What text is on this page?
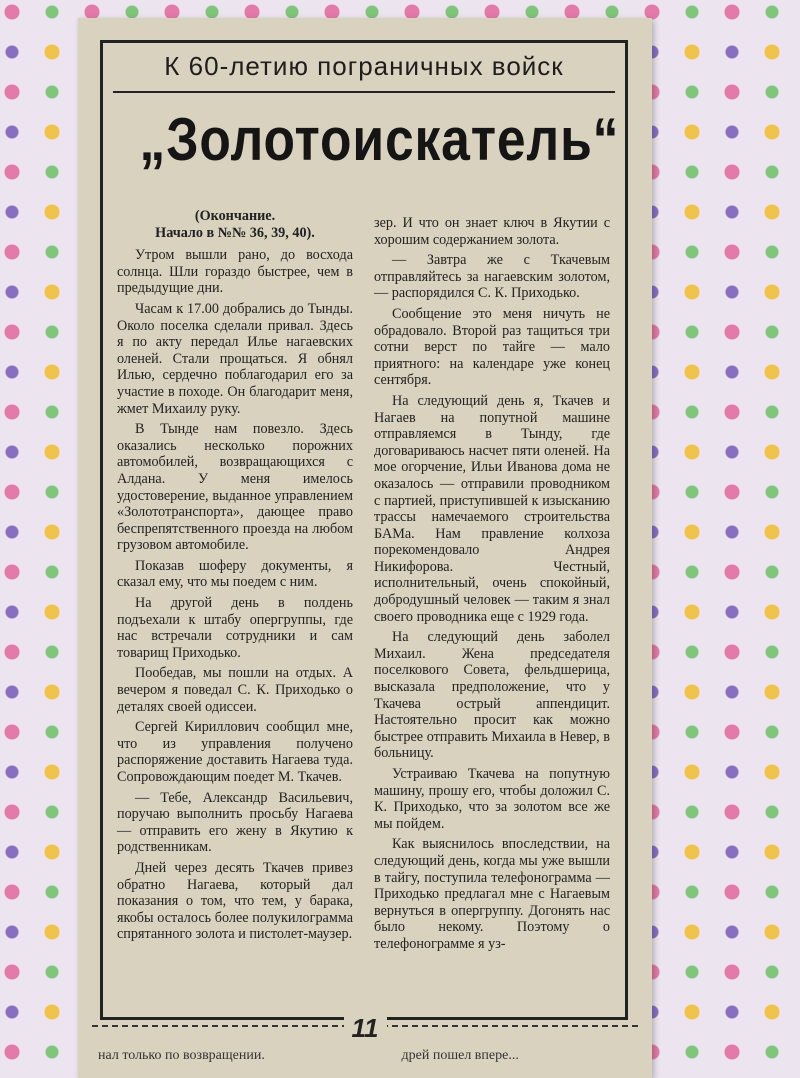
К 60-летию пограничных войск
„Золотоискатель“

(Окончание.
Начало в №№ 36, 39, 40).

Утром вышли рано, до восхода солнца. Шли гораздо быстрее, чем в предыдущие дни.

Часам к 17.00 добрались до Тынды. Около поселка сделали привал. Здесь я по акту передал Илье нагаевских оленей. Стали прощаться. Я обнял Илью, сердечно поблагодарил его за участие в походе. Он благодарит меня, жмет Михаилу руку.

В Тынде нам повезло. Здесь оказались несколько порожних автомобилей, возвращающихся с Алдана. У меня имелось удостоверение, выданное управлением «Золототранспорта», дающее право беспрепятственного проезда на любом грузовом автомобиле.

Показав шоферу документы, я сказал ему, что мы поедем с ним.

На другой день в полдень подъехали к штабу опергруппы, где нас встречали сотрудники и сам товарищ Приходько.

Пообедав, мы пошли на отдых. А вечером я поведал С. К. Приходько о деталях своей одиссеи.

Сергей Кириллович сообщил мне, что из управления получено распоряжение доставить Нагаева туда. Сопровождающим поедет М. Ткачев.

— Тебе, Александр Васильевич, поручаю выполнить просьбу Нагаева — отправить его жену в Якутию к родственникам.

Дней через десять Ткачев привез обратно Нагаева, который дал показания о том, что тем, у барака, якобы осталось более полукилограмма спрятанного золота и пистолет-маузер.

зер. И что он знает ключ в Якутии с хорошим содержанием золота.

— Завтра же с Ткачевым отправляйтесь за нагаевским золотом, — распорядился С. К. Приходько.

Сообщение это меня ничуть не обрадовало. Второй раз тащиться три сотни верст по тайге — мало приятного: на календаре уже конец сентября.

На следующий день я, Ткачев и Нагаев на попутной машине отправляемся в Тынду, где договариваюсь насчет пяти оленей. На мое огорчение, Ильи Иванова дома не оказалось — отправили проводником с партией, приступившей к изысканию трассы намечаемого строительства БАМа. Нам правление колхоза порекомендовало Андрея Никифорова. Честный, исполнительный, очень спокойный, добродушный человек — таким я знал своего проводника еще с 1929 года.

На следующий день заболел Михаил. Жена председателя поселкового Совета, фельдшерица, высказала предположение, что у Ткачева острый аппендицит. Настоятельно просит как можно быстрее отправить Михаила в Невер, в больницу.

Устраиваю Ткачева на попутную машину, прошу его, чтобы доложил С. К. Приходько, что за золотом все же мы пойдем.

Как выяснилось впоследствии, на следующий день, когда мы уже вышли в тайгу, поступила телефонограмма — Приходько предлагал мне с Нагаевым вернуться в опергруппу. Догонять нас было некому. Поэтому о телефонограмме я уз-

11
нал только по возвращении.	дрей пошел впере...
